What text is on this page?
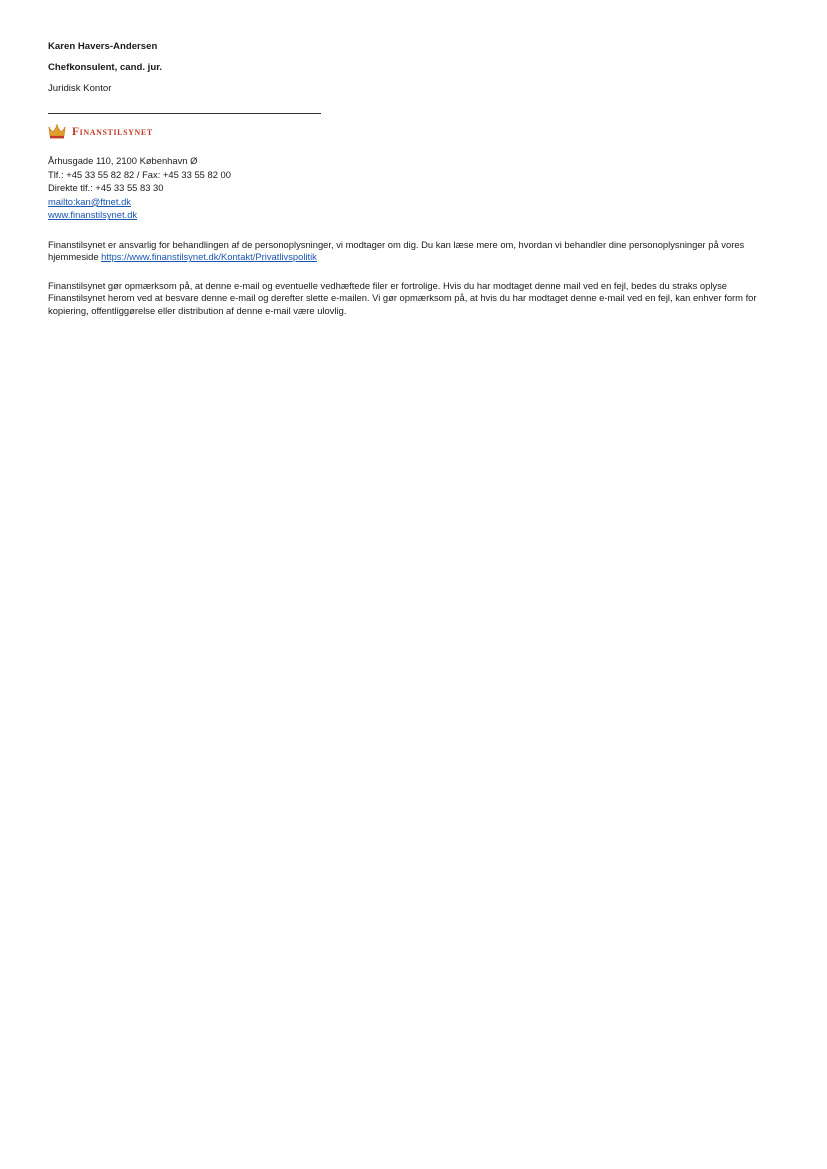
Karen Havers-Andersen
Chefkonsulent, cand. jur.
Juridisk Kontor
Finanstilsynet
Århusgade 110, 2100 København Ø
Tlf.: +45 33 55 82 82 / Fax: +45 33 55 82 00
Direkte tlf.: +45 33 55 83 30
mailto:kan@ftnet.dk
www.finanstilsynet.dk
Finanstilsynet er ansvarlig for behandlingen af de personoplysninger, vi modtager om dig. Du kan læse mere om, hvordan vi behandler dine personoplysninger på vores hjemmeside https://www.finanstilsynet.dk/Kontakt/Privatlivspolitik
Finanstilsynet gør opmærksom på, at denne e-mail og eventuelle vedhæftede filer er fortrolige. Hvis du har modtaget denne mail ved en fejl, bedes du straks oplyse Finanstilsynet herom ved at besvare denne e-mail og derefter slette e-mailen. Vi gør opmærksom på, at hvis du har modtaget denne e-mail ved en fejl, kan enhver form for kopiering, offentliggørelse eller distribution af denne e-mail være ulovlig.
